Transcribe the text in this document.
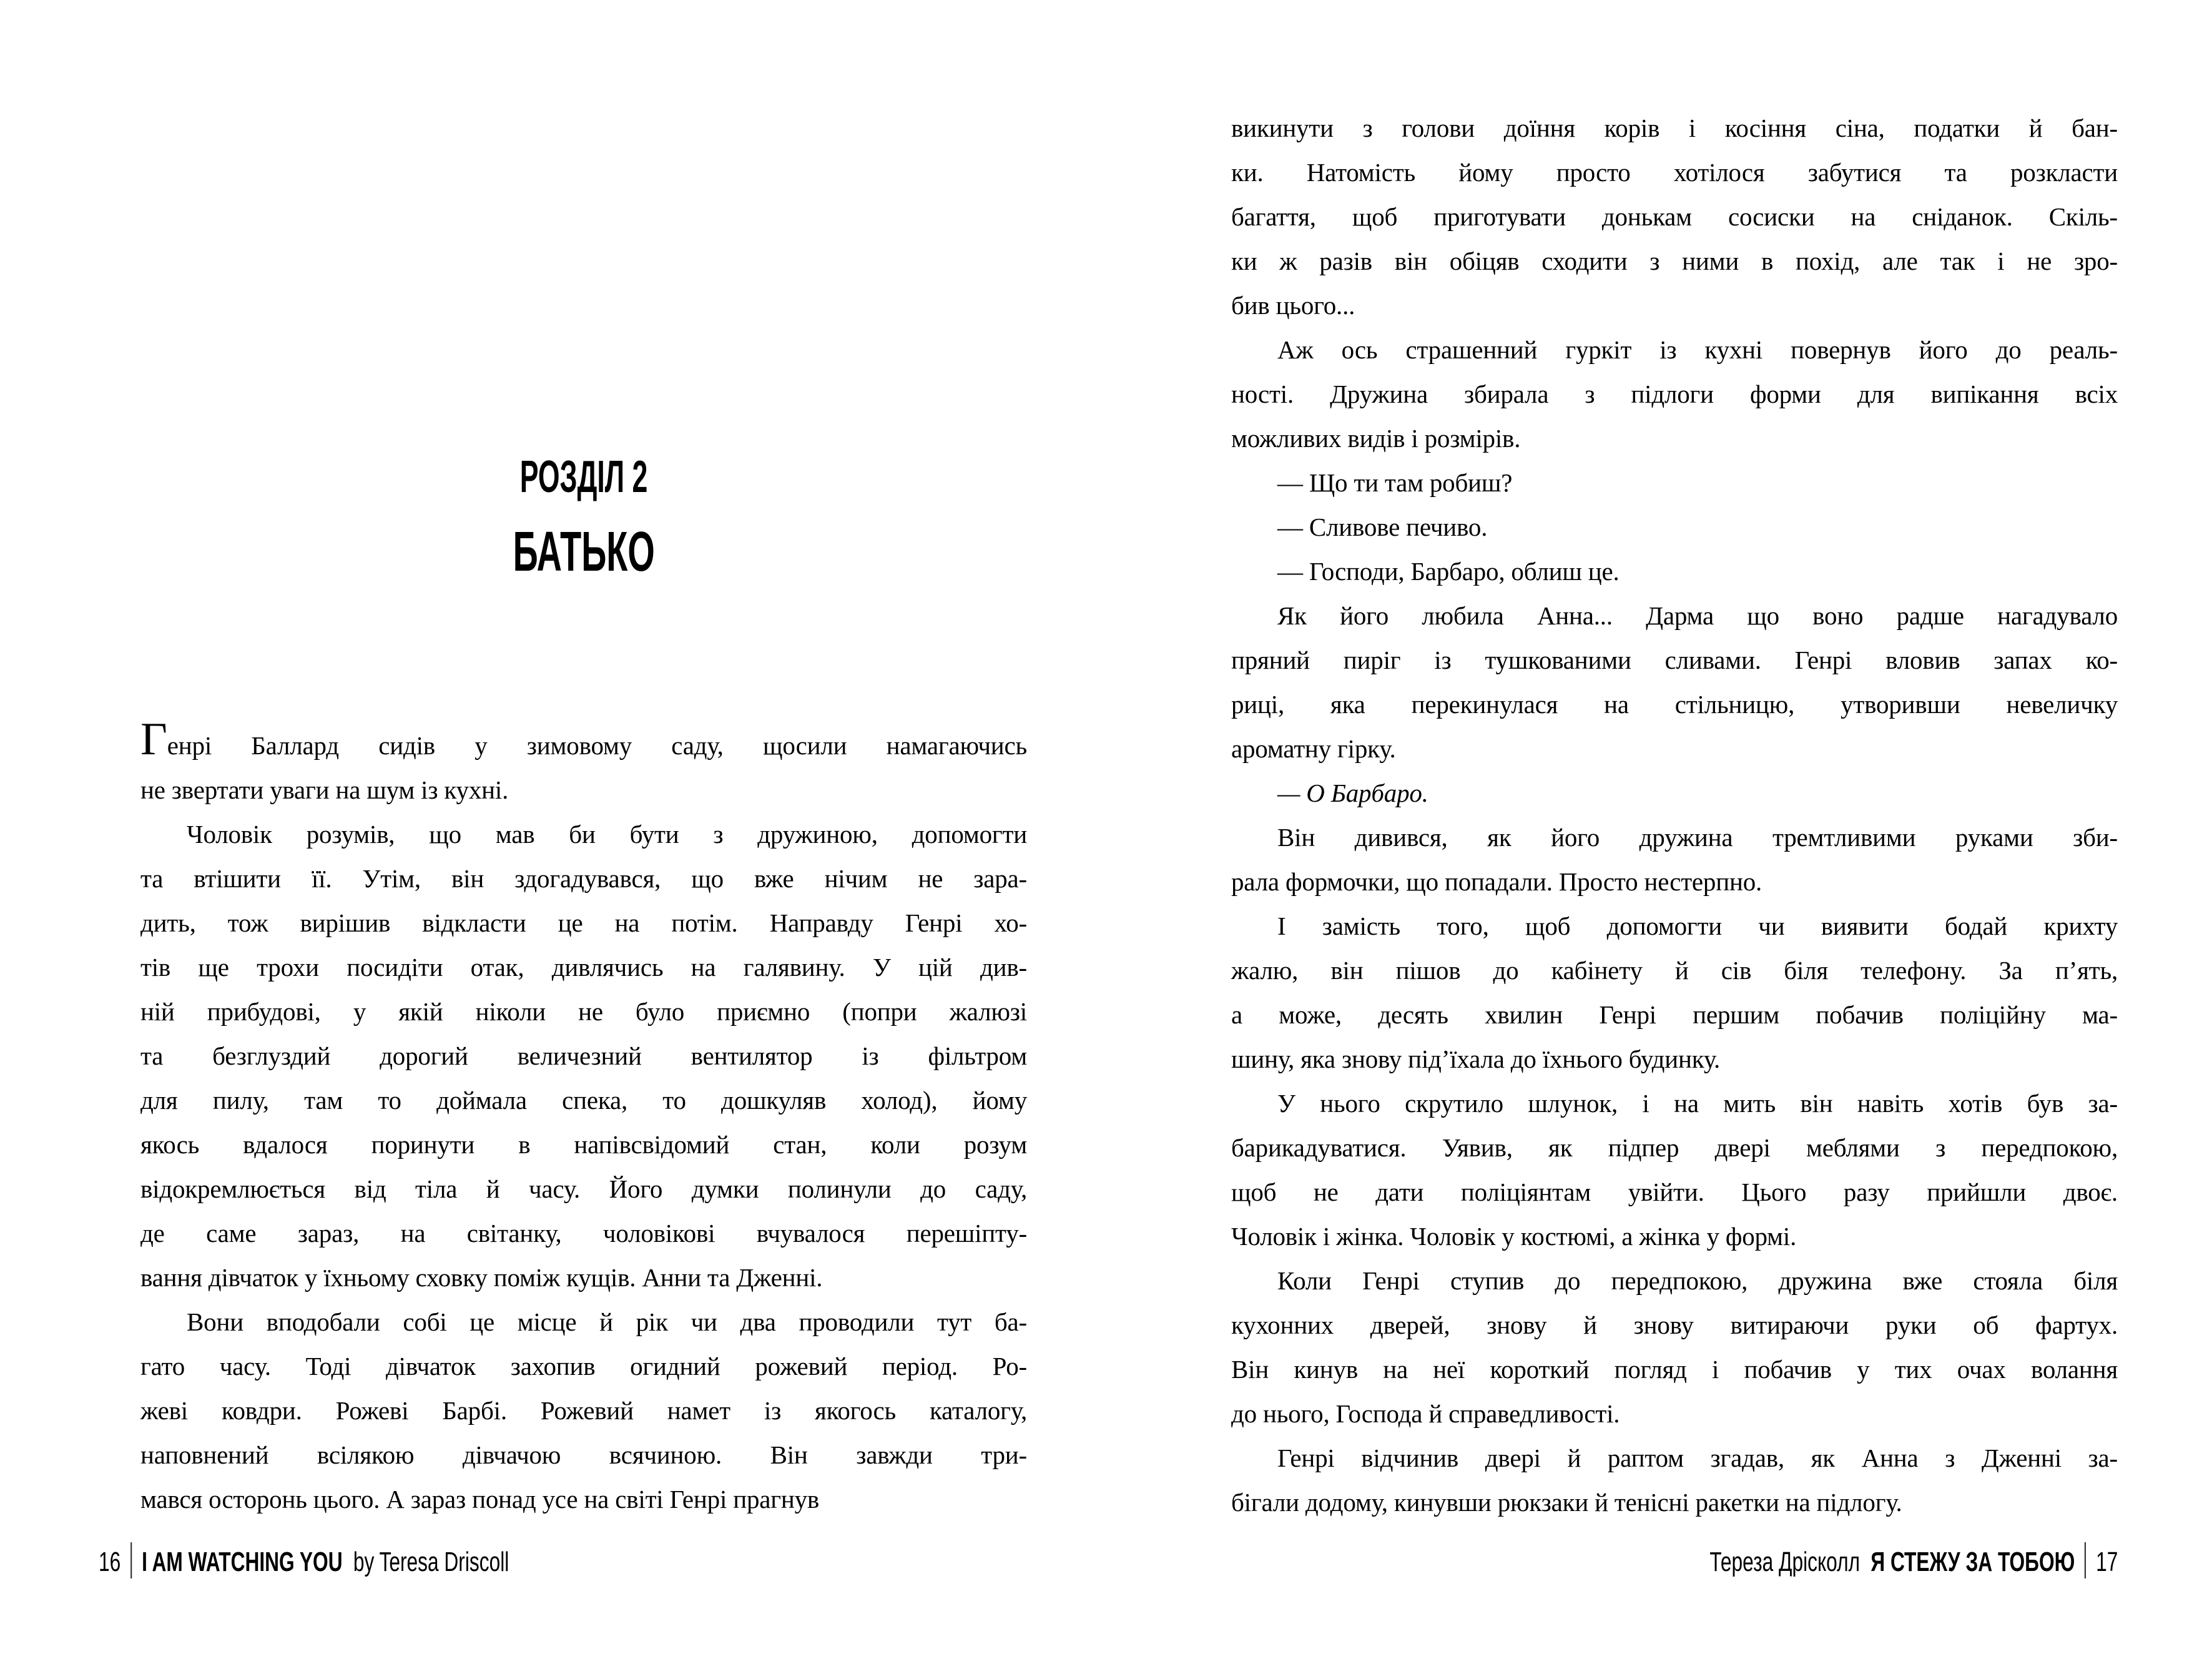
РОЗДІЛ 2
БАТЬКО
Генрі Баллард сидів у зимовому саду, щосили намагаючись
не звертати уваги на шум із кухні.
Чоловік розумів, що мав би бути з дружиною, допомогти
та втішити її. Утім, він здогадувався, що вже нічим не зара-
дить, тож вирішив відкласти це на потім. Направду Генрі хо-
тів ще трохи посидіти отак, дивлячись на галявину. У цій див-
ній прибудові, у якій ніколи не було приємно (попри жалюзі
та безглуздий дорогий величезний вентилятор із фільтром
для пилу, там то доймала спека, то дошкуляв холод), йому
якось вдалося поринути в напівсвідомий стан, коли розум
відокремлюється від тіла й часу. Його думки полинули до саду,
де саме зараз, на світанку, чоловікові вчувалося перешіпту-
вання дівчаток у їхньому сховку поміж кущів. Анни та Дженні.
Вони вподобали собі це місце й рік чи два проводили тут ба-
гато часу. Тоді дівчаток захопив огидний рожевий період. Ро-
жеві ковдри. Рожеві Барбі. Рожевий намет із якогось каталогу,
наповнений всілякою дівчачою всячиною. Він завжди три-
мався осторонь цього. А зараз понад усе на світі Генрі прагнув
16 I AM WATCHING YOU by Teresa Driscoll
викинути з голови доїння корів і косіння сіна, податки й бан-
ки. Натомість йому просто хотілося забутися та розкласти
багаття, щоб приготувати донькам сосиски на сніданок. Скіль-
ки ж разів він обіцяв сходити з ними в похід, але так і не зро-
бив цього...
Аж ось страшенний гуркіт із кухні повернув його до реаль-
ності. Дружина збирала з підлоги форми для випікання всіх
можливих видів і розмірів.
— Що ти там робиш?
— Сливове печиво.
— Господи, Барбаро, облиш це.
Як його любила Анна... Дарма що воно радше нагадувало
пряний пиріг із тушкованими сливами. Генрі вловив запах ко-
риці, яка перекинулася на стільницю, утворивши невеличку
ароматну гірку.
— О Барбаро.
Він дивився, як його дружина тремтливими руками зби-
рала формочки, що попадали. Просто нестерпно.
І замість того, щоб допомогти чи виявити бодай крихту
жалю, він пішов до кабінету й сів біля телефону. За п’ять,
а може, десять хвилин Генрі першим побачив поліційну ма-
шину, яка знову під’їхала до їхнього будинку.
У нього скрутило шлунок, і на мить він навіть хотів був за-
барикадуватися. Уявив, як підпер двері меблями з передпокою,
щоб не дати поліціянтам увійти. Цього разу прийшли двоє.
Чоловік і жінка. Чоловік у костюмі, а жінка у формі.
Коли Генрі ступив до передпокою, дружина вже стояла біля
кухонних дверей, знову й знову витираючи руки об фартух.
Він кинув на неї короткий погляд і побачив у тих очах волання
до нього, Господа й справедливості.
Генрі відчинив двері й раптом згадав, як Анна з Дженні за-
бігали додому, кинувши рюкзаки й тенісні ракетки на підлогу.
Тереза Дрісколл Я СТЕЖУ ЗА ТОБОЮ 17
